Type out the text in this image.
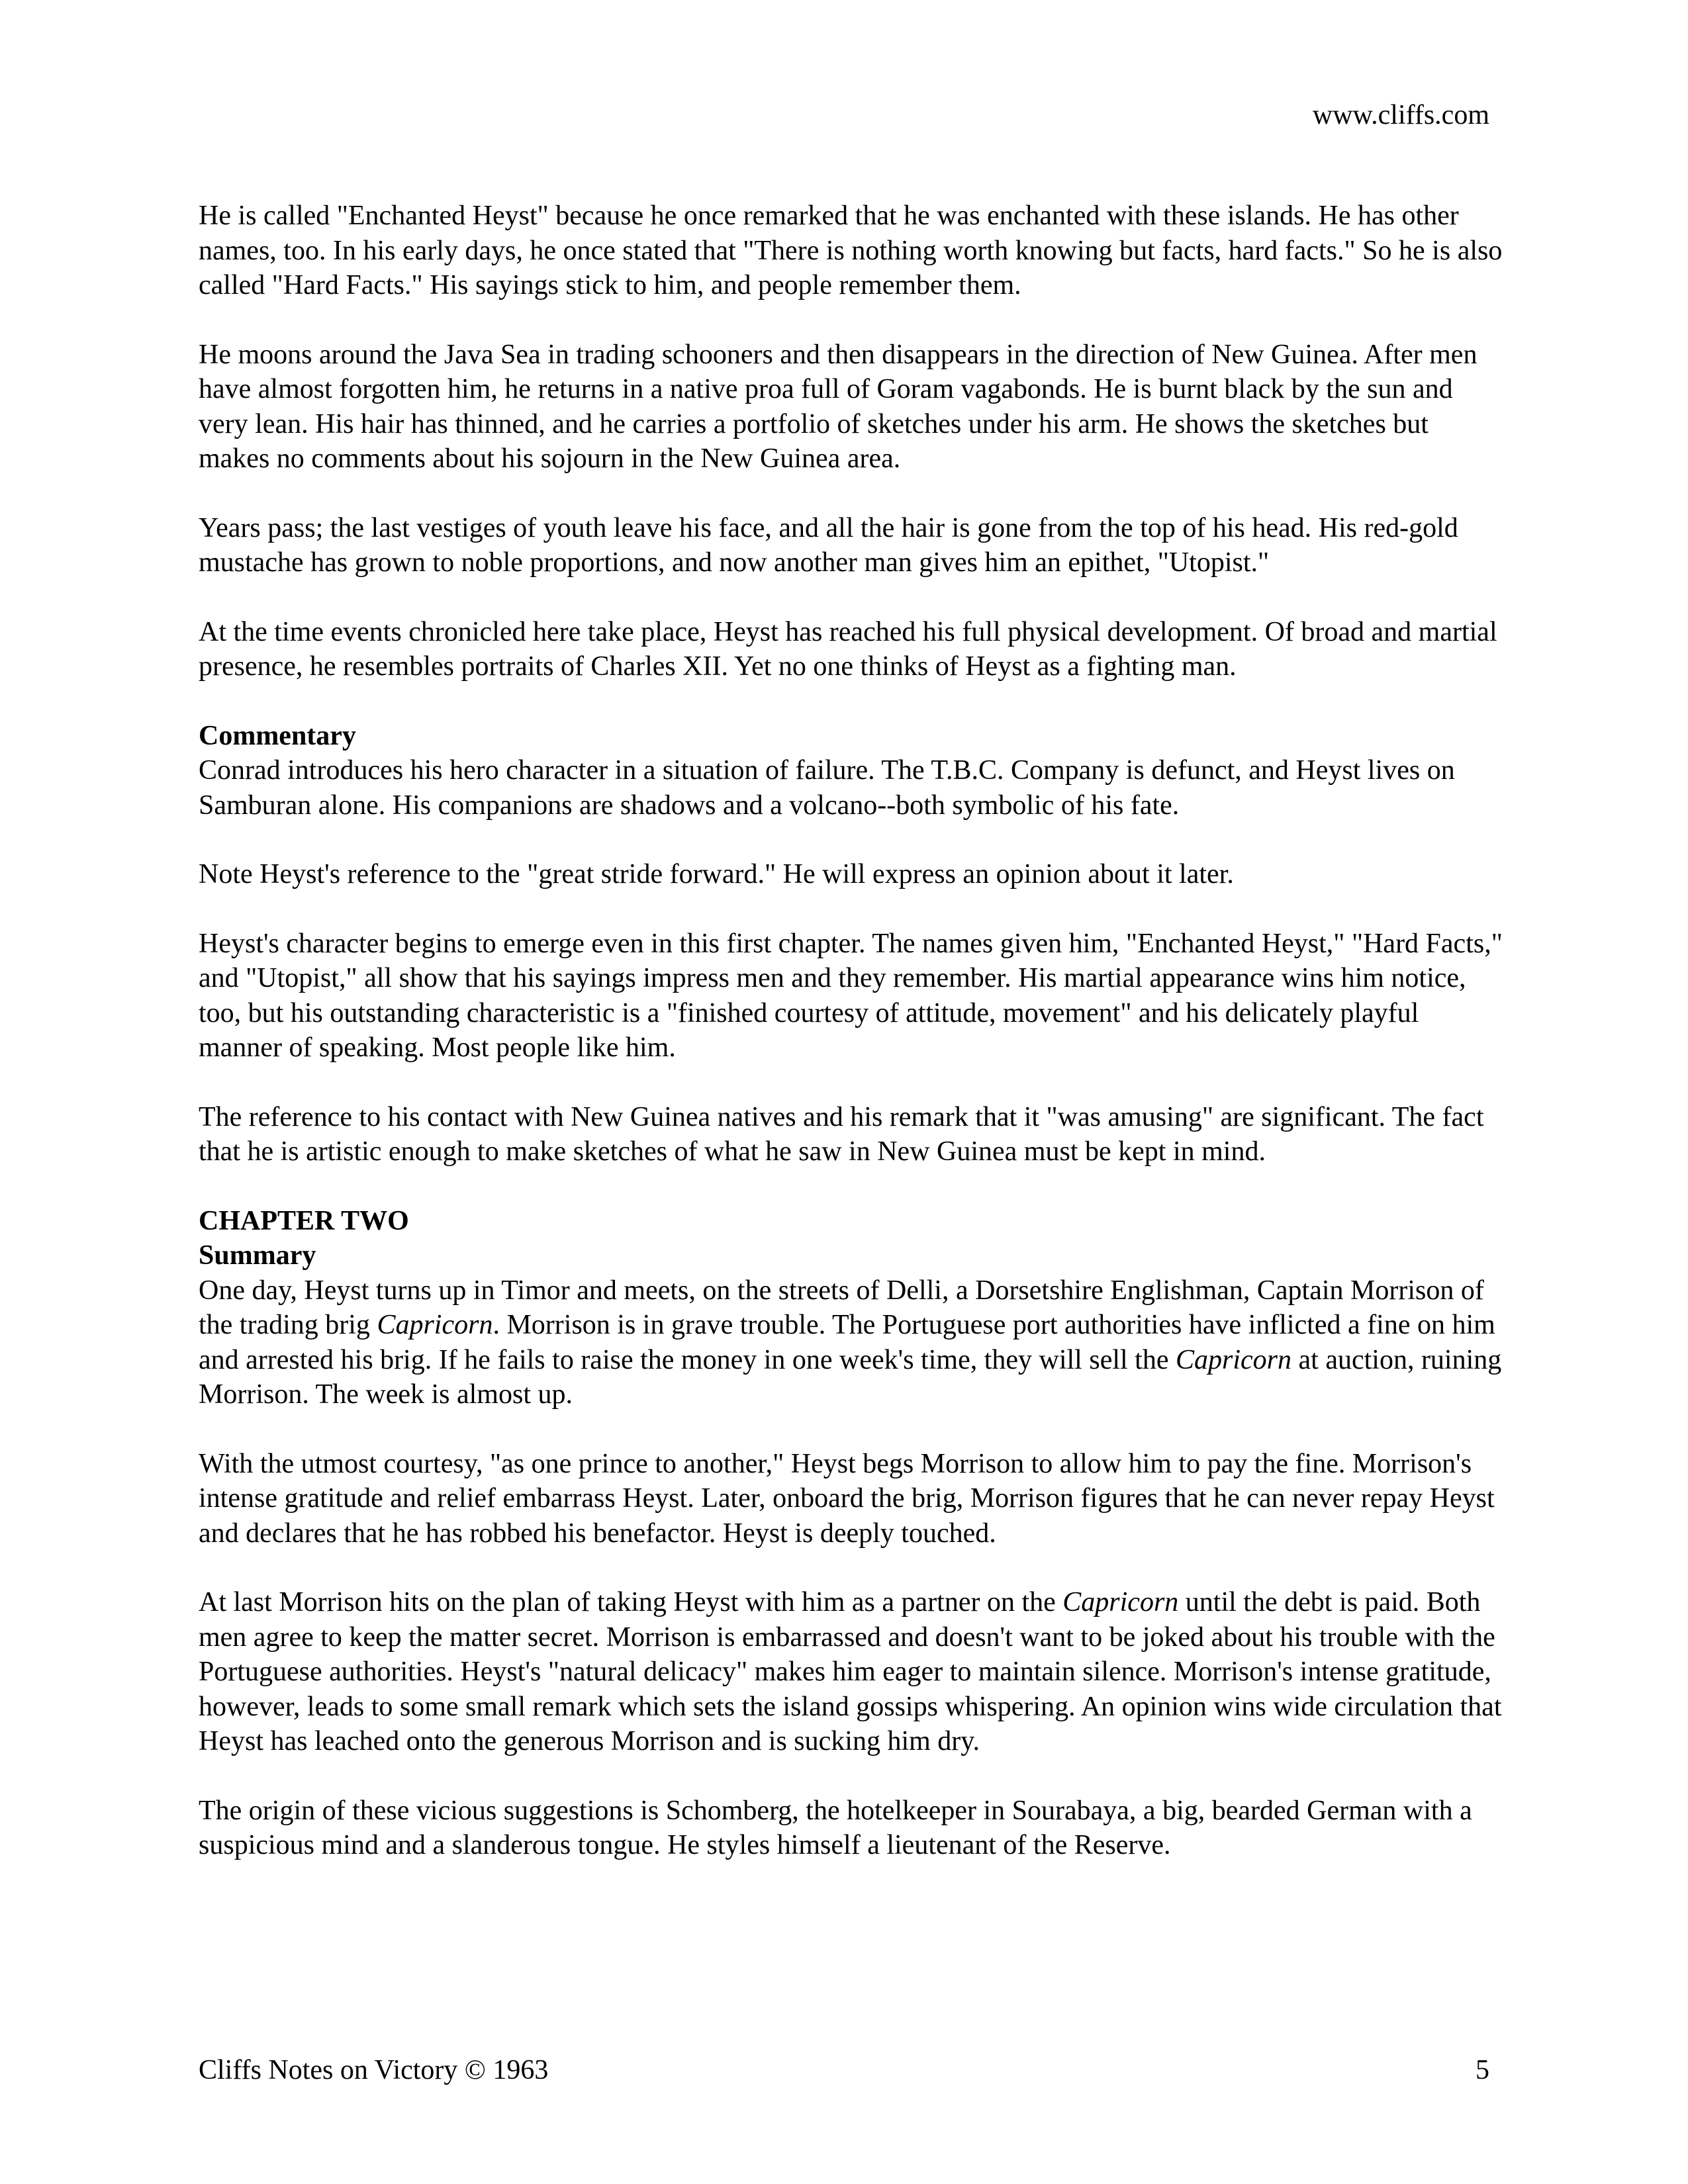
www.cliffs.com

He is called "Enchanted Heyst" because he once remarked that he was enchanted with these islands. He has other names, too. In his early days, he once stated that "There is nothing worth knowing but facts, hard facts." So he is also called "Hard Facts." His sayings stick to him, and people remember them.

He moons around the Java Sea in trading schooners and then disappears in the direction of New Guinea. After men have almost forgotten him, he returns in a native proa full of Goram vagabonds. He is burnt black by the sun and very lean. His hair has thinned, and he carries a portfolio of sketches under his arm. He shows the sketches but makes no comments about his sojourn in the New Guinea area.

Years pass; the last vestiges of youth leave his face, and all the hair is gone from the top of his head. His red-gold mustache has grown to noble proportions, and now another man gives him an epithet, "Utopist."

At the time events chronicled here take place, Heyst has reached his full physical development. Of broad and martial presence, he resembles portraits of Charles XII. Yet no one thinks of Heyst as a fighting man.

Commentary

Conrad introduces his hero character in a situation of failure. The T.B.C. Company is defunct, and Heyst lives on Samburan alone. His companions are shadows and a volcano--both symbolic of his fate.

Note Heyst's reference to the "great stride forward." He will express an opinion about it later.

Heyst's character begins to emerge even in this first chapter. The names given him, "Enchanted Heyst," "Hard Facts," and "Utopist," all show that his sayings impress men and they remember. His martial appearance wins him notice, too, but his outstanding characteristic is a "finished courtesy of attitude, movement" and his delicately playful manner of speaking. Most people like him.

The reference to his contact with New Guinea natives and his remark that it "was amusing" are significant. The fact that he is artistic enough to make sketches of what he saw in New Guinea must be kept in mind.

CHAPTER TWO

Summary

One day, Heyst turns up in Timor and meets, on the streets of Delli, a Dorsetshire Englishman, Captain Morrison of the trading brig Capricorn. Morrison is in grave trouble. The Portuguese port authorities have inflicted a fine on him and arrested his brig. If he fails to raise the money in one week's time, they will sell the Capricorn at auction, ruining Morrison. The week is almost up.

With the utmost courtesy, "as one prince to another," Heyst begs Morrison to allow him to pay the fine. Morrison's intense gratitude and relief embarrass Heyst. Later, onboard the brig, Morrison figures that he can never repay Heyst and declares that he has robbed his benefactor. Heyst is deeply touched.

At last Morrison hits on the plan of taking Heyst with him as a partner on the Capricorn until the debt is paid. Both men agree to keep the matter secret. Morrison is embarrassed and doesn't want to be joked about his trouble with the Portuguese authorities. Heyst's "natural delicacy" makes him eager to maintain silence. Morrison's intense gratitude, however, leads to some small remark which sets the island gossips whispering. An opinion wins wide circulation that Heyst has leached onto the generous Morrison and is sucking him dry.

The origin of these vicious suggestions is Schomberg, the hotelkeeper in Sourabaya, a big, bearded German with a suspicious mind and a slanderous tongue. He styles himself a lieutenant of the Reserve.

Cliffs Notes on Victory © 1963	5
